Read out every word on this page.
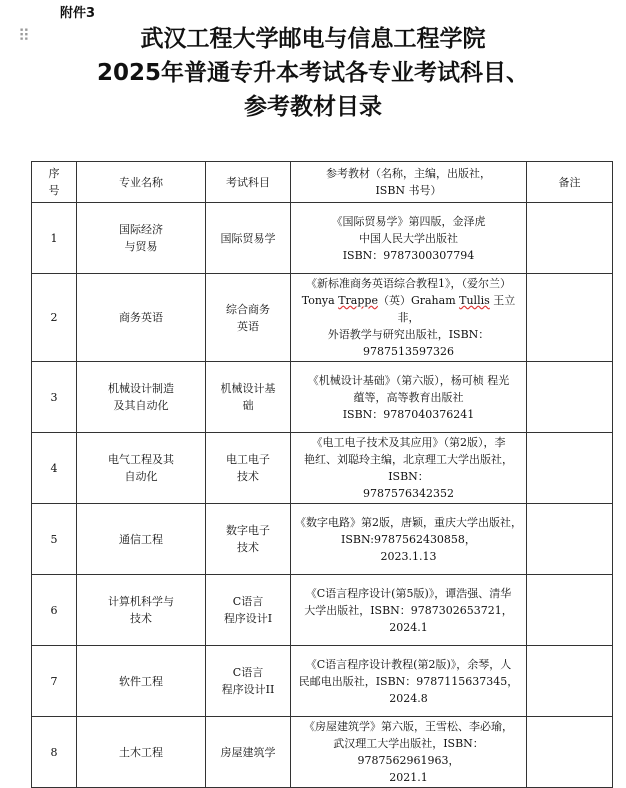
附件3
⠿	武汉工程大学邮电与信息工程学院
2025年普通专升本考试各专业考试科目、
参考教材目录
序
号	专业名称	考试科目	参考教材（名称，主编，出版社，
ISBN 书号）	备注
1	国际经济
与贸易	国际贸易学	《国际贸易学》第四版，金泽虎
中国人民大学出版社
ISBN：9787300307794	
2	商务英语	综合商务
英语	《新标准商务英语综合教程1》，（爱尔兰）
Tonya Trappe（英）Graham Tullis 王立非，
外语教学与研究出版社，ISBN：9787513597326	
3	机械设计制造
及其自动化	机械设计基
础	《机械设计基础》（第六版），杨可桢 程光
蕴等，高等教育出版社
ISBN：9787040376241	
4	电气工程及其
自动化	电工电子
技术	《电工电子技术及其应用》（第2版），李
艳红、刘聪玲主编，北京理工大学出版社，ISBN：
9787576342352	
5	通信工程	数字电子
技术	《数字电路》第2版，唐颖，重庆大学出版社，
ISBN:9787562430858，
2023.1.13	
6	计算机科学与
技术	C语言
程序设计Ⅰ	《C语言程序设计(第5版)》，谭浩强、清华
大学出版社，ISBN：9787302653721，2024.1	
7	软件工程	C语言
程序设计II	《C语言程序设计教程(第2版)》，余琴，人
民邮电出版社，ISBN：9787115637345，2024.8	
8	土木工程	房屋建筑学	《房屋建筑学》第六版，王雪松、李必瑜，
武汉理工大学出版社，ISBN：9787562961963，
2021.1	
